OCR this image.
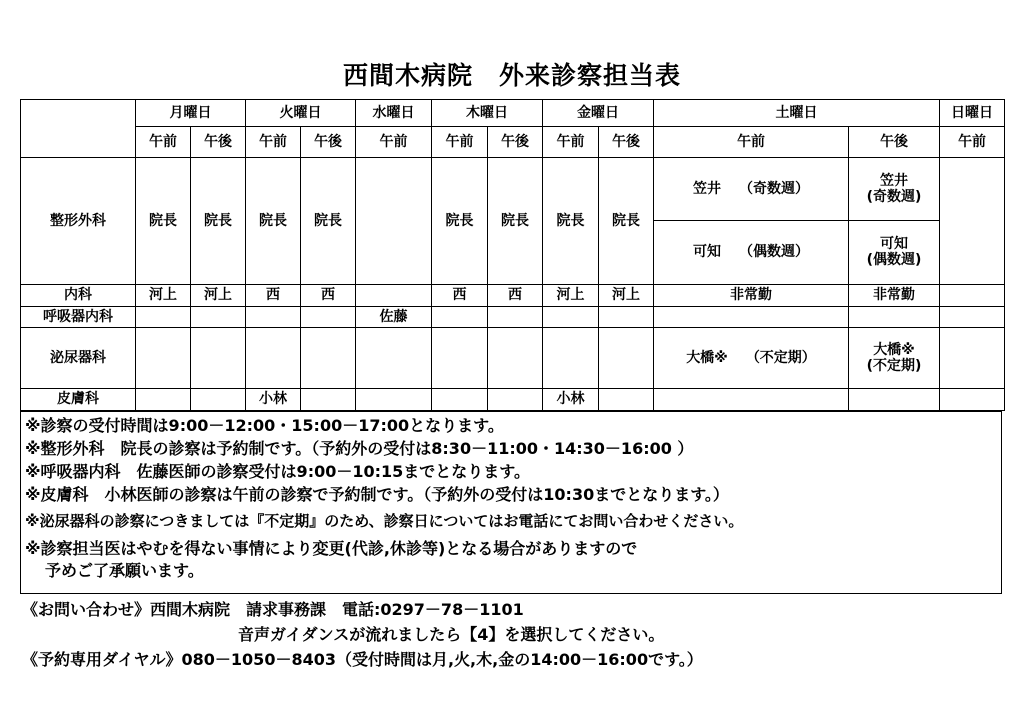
西間木病院　外来診察担当表
	月曜日		火曜日		水曜日	木曜日		金曜日		土曜日		日曜日
	午前	午後	午前	午後	午前	午前	午後	午前	午後	午前	午後	午前
整形外科	院長	院長	院長	院長		院長	院長	院長	院長	笠井 （奇数週）	笠井
(奇数週)	

										可知 （偶数週）	可知
(偶数週)	

内科	河上	河上	西	西		西	西	河上	河上	非常勤	非常勤	
呼吸器内科					佐藤							
泌尿器科										大橋※ （不定期）	大橋※
(不定期)	

皮膚科			小林					小林				
※診察の受付時間は9:00－12:00・15:00－17:00となります。
※整形外科　院長の診察は予約制です。（予約外の受付は8:30－11:00・14:30－16:00 ）
※呼吸器内科　佐藤医師の診察受付は9:00－10:15までとなります。
※皮膚科　小林医師の診察は午前の診察で予約制です。（予約外の受付は10:30までとなります。）
※泌尿器科の診察につきましては『不定期』のため、診察日についてはお電話にてお問い合わせください。
※診察担当医はやむを得ない事情により変更(代診,休診等)となる場合がありますので
予めご了承願います。
《お問い合わせ》西間木病院　請求事務課　電話:0297－78－1101
音声ガイダンスが流れましたら【4】を選択してください。
《予約専用ダイヤル》080－1050－8403（受付時間は月,火,木,金の14:00－16:00です。）
